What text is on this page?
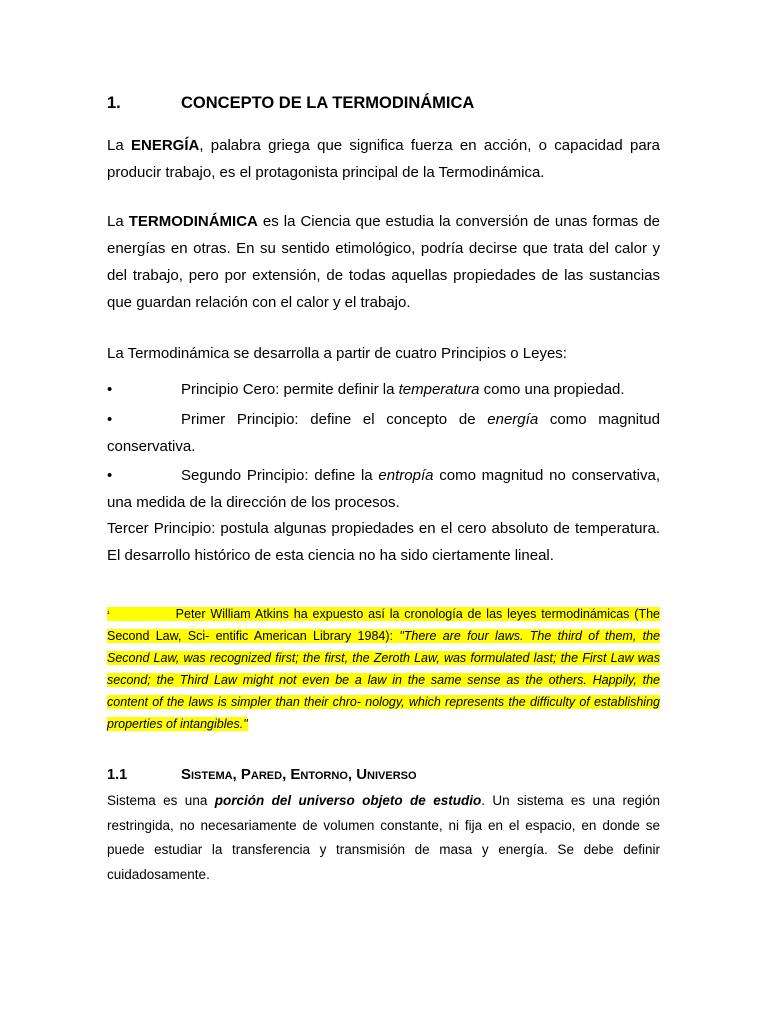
1.	CONCEPTO DE LA TERMODINÁMICA
La ENERGÍA, palabra griega que significa fuerza en acción, o capacidad para producir trabajo, es el protagonista principal de la Termodinámica.
La TERMODINÁMICA es la Ciencia que estudia la conversión de unas formas de energías en otras. En su sentido etimológico, podría decirse que trata del calor y del trabajo, pero por extensión, de todas aquellas propiedades de las sustancias que guardan relación con el calor y el trabajo.
La Termodinámica se desarrolla a partir de cuatro Principios o Leyes:
•	Principio Cero: permite definir la temperatura como una propiedad.
•	Primer Principio: define el concepto de energía como magnitud conservativa.
•	Segundo Principio: define la entropía como magnitud no conservativa, una medida de la dirección de los procesos.
Tercer Principio: postula algunas propiedades en el cero absoluto de temperatura. El desarrollo histórico de esta ciencia no ha sido ciertamente lineal.
$^{^1}$	Peter William Atkins ha expuesto así la cronología de las leyes termodinámicas (The Second Law, Sci- entific American Library 1984): "There are four laws. The third of them, the Second Law, was recognized first; the first, the Zeroth Law, was formulated last; the First Law was second; the Third Law might not even be a law in the same sense as the others. Happily, the content of the laws is simpler than their chro- nology, which represents the difficulty of establishing properties of intangibles."
1.1	Sistema, Pared, Entorno, Universo
Sistema es una porción del universo objeto de estudio. Un sistema es una región restringida, no necesariamente de volumen constante, ni fija en el espacio, en donde se puede estudiar la transferencia y transmisión de masa y energía. Se debe definir cuidadosamente.
